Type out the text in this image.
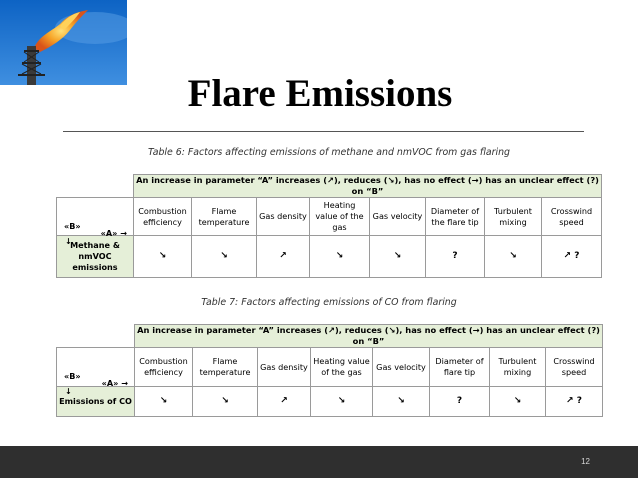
Flare Emissions
Table 6: Factors affecting emissions of methane and nmVOC from gas flaring
	An increase in parameter “A” increases (↗), reduces (↘), has no effect (→) has an unclear effect (?) on “B”							

«B»
↓
«A» →	Combustion efficiency	Flame temperature	Gas density	Heating value of the gas	Gas velocity	Diameter of the flare tip	Turbulent mixing	Crosswind speed
Methane & nmVOC emissions	↘	↘	↗	↘	↘	?	↘	↗ ?
Table 7: Factors affecting emissions of CO from flaring
	An increase in parameter “A” increases (↗), reduces (↘), has no effect (→) has an unclear effect (?) on “B”							

«B»
↓
«A» →	Combustion efficiency	Flame temperature	Gas density	Heating value of the gas	Gas velocity	Diameter of flare tip	Turbulent mixing	Crosswind speed
Emissions of CO	↘	↘	↗	↘	↘	?	↘	↗ ?
12
